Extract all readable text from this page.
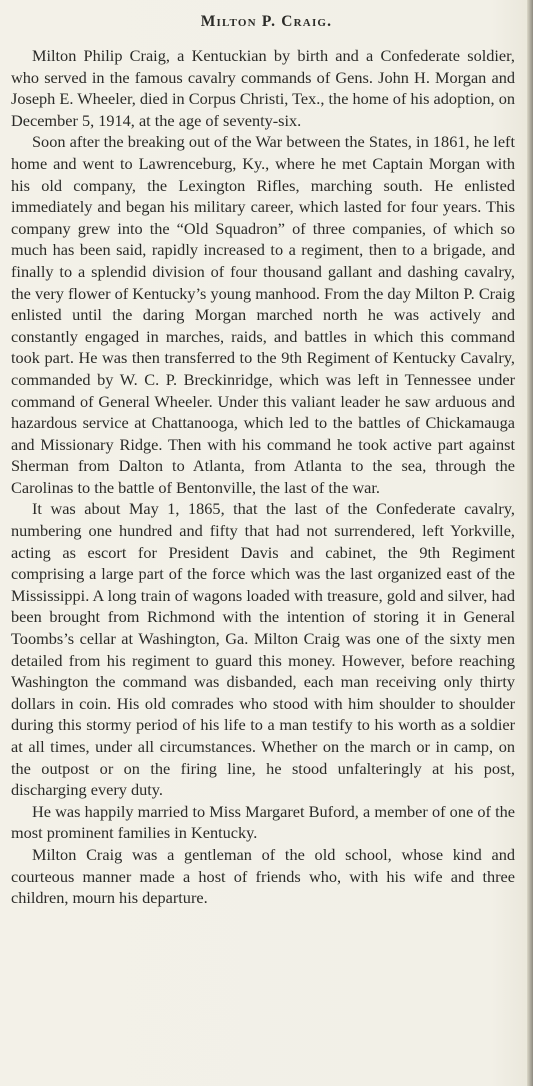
Milton P. Craig.

Milton Philip Craig, a Kentuckian by birth and a Confederate soldier, who served in the famous cavalry commands of Gens. John H. Morgan and Joseph E. Wheeler, died in Corpus Christi, Tex., the home of his adoption, on December 5, 1914, at the age of seventy-six.

Soon after the breaking out of the War between the States, in 1861, he left home and went to Lawrenceburg, Ky., where he met Captain Morgan with his old company, the Lexington Rifles, marching south. He enlisted immediately and began his military career, which lasted for four years. This company grew into the “Old Squadron” of three companies, of which so much has been said, rapidly increased to a regiment, then to a brigade, and finally to a splendid division of four thousand gallant and dashing cavalry, the very flower of Kentucky’s young manhood. From the day Milton P. Craig enlisted until the daring Morgan marched north he was actively and constantly engaged in marches, raids, and battles in which this command took part. He was then transferred to the 9th Regiment of Kentucky Cavalry, commanded by W. C. P. Breckinridge, which was left in Tennessee under command of General Wheeler. Under this valiant leader he saw arduous and hazardous service at Chattanooga, which led to the battles of Chickamauga and Missionary Ridge. Then with his command he took active part against Sherman from Dalton to Atlanta, from Atlanta to the sea, through the Carolinas to the battle of Bentonville, the last of the war.

It was about May 1, 1865, that the last of the Confederate cavalry, numbering one hundred and fifty that had not surrendered, left Yorkville, acting as escort for President Davis and cabinet, the 9th Regiment comprising a large part of the force which was the last organized east of the Mississippi. A long train of wagons loaded with treasure, gold and silver, had been brought from Richmond with the intention of storing it in General Toombs’s cellar at Washington, Ga. Milton Craig was one of the sixty men detailed from his regiment to guard this money. However, before reaching Washington the command was disbanded, each man receiving only thirty dollars in coin. His old comrades who stood with him shoulder to shoulder during this stormy period of his life to a man testify to his worth as a soldier at all times, under all circumstances. Whether on the march or in camp, on the outpost or on the firing line, he stood unfalteringly at his post, discharging every duty.

He was happily married to Miss Margaret Buford, a member of one of the most prominent families in Kentucky.

Milton Craig was a gentleman of the old school, whose kind and courteous manner made a host of friends who, with his wife and three children, mourn his departure.
